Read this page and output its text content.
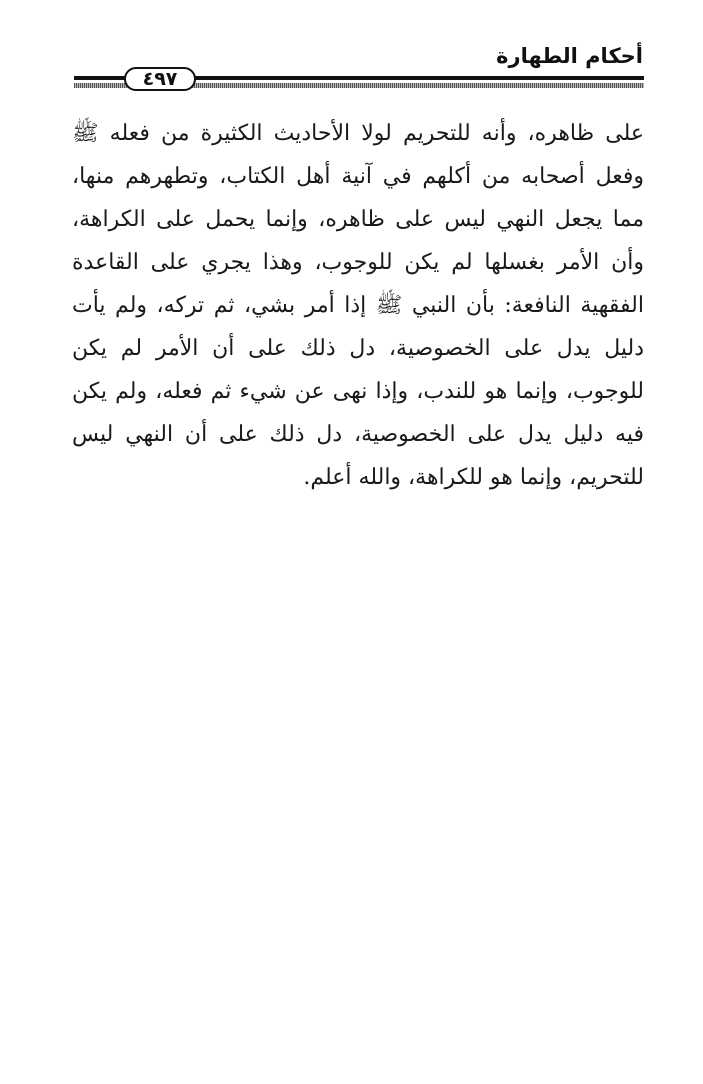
أحكام الطهارة
٤٩٧

على ظاهره، وأنه للتحريم لولا الأحاديث الكثيرة من فعله ﷺ وفعل أصحابه من أكلهم في آنية أهل الكتاب، وتطهرهم منها، مما يجعل النهي ليس على ظاهره، وإنما يحمل على الكراهة، وأن الأمر بغسلها لم يكن للوجوب، وهذا يجري على القاعدة الفقهية النافعة: بأن النبي ﷺ إذا أمر بشي، ثم تركه، ولم يأت دليل يدل على الخصوصية، دل ذلك على أن الأمر لم يكن للوجوب، وإنما هو للندب، وإذا نهى عن شيء ثم فعله، ولم يكن فيه دليل يدل على الخصوصية، دل ذلك على أن النهي ليس للتحريم، وإنما هو للكراهة، والله أعلم.
